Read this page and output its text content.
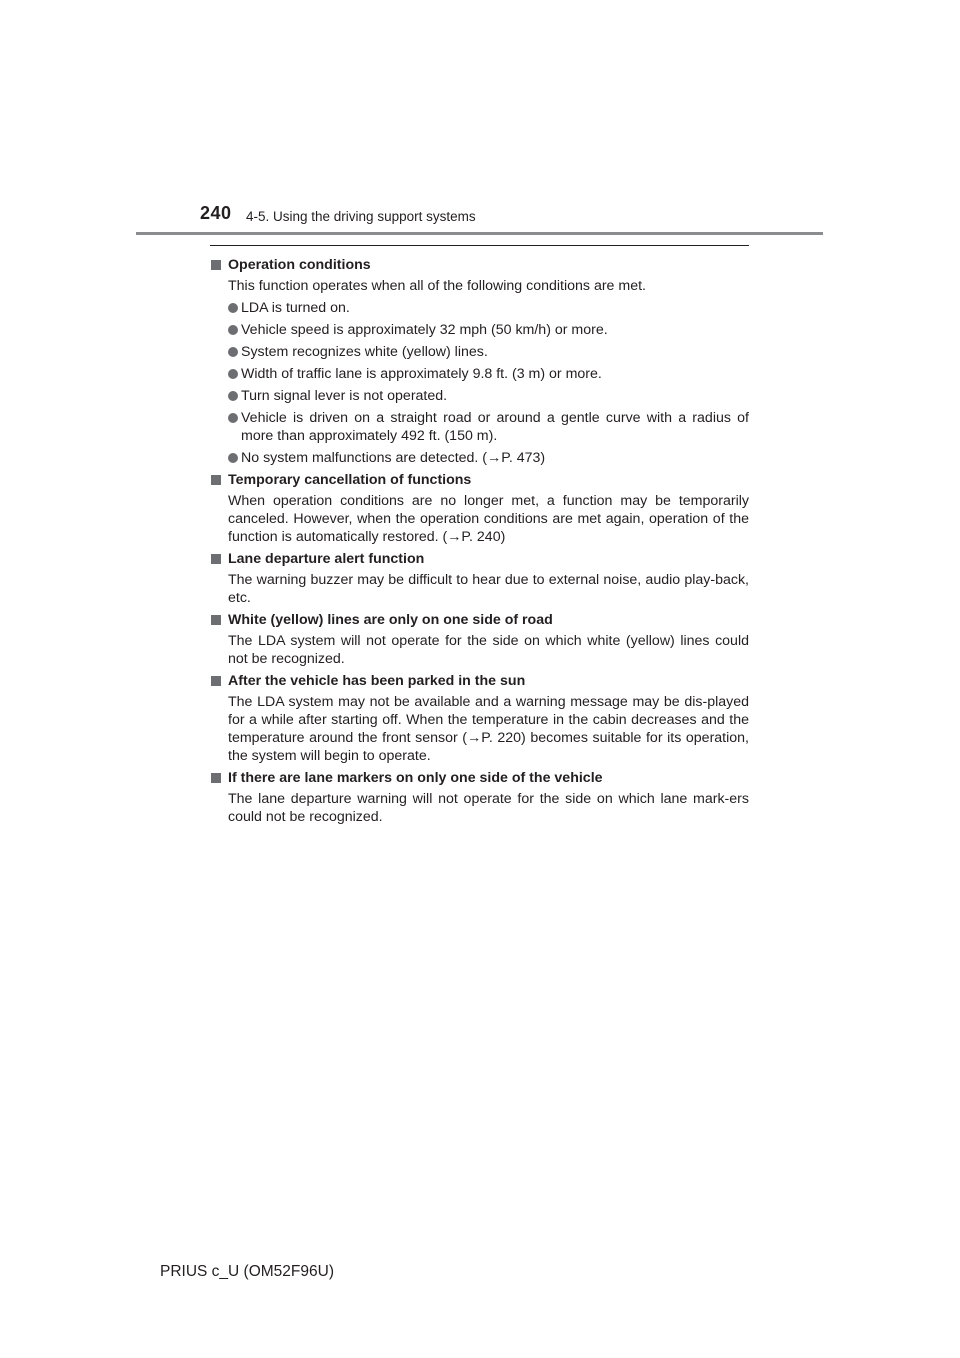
240 4-5. Using the driving support systems
Operation conditions
This function operates when all of the following conditions are met.
LDA is turned on.
Vehicle speed is approximately 32 mph (50 km/h) or more.
System recognizes white (yellow) lines.
Width of traffic lane is approximately 9.8 ft. (3 m) or more.
Turn signal lever is not operated.
Vehicle is driven on a straight road or around a gentle curve with a radius of more than approximately 492 ft. (150 m).
No system malfunctions are detected. (→P. 473)
Temporary cancellation of functions
When operation conditions are no longer met, a function may be temporarily canceled. However, when the operation conditions are met again, operation of the function is automatically restored. (→P. 240)
Lane departure alert function
The warning buzzer may be difficult to hear due to external noise, audio play-back, etc.
White (yellow) lines are only on one side of road
The LDA system will not operate for the side on which white (yellow) lines could not be recognized.
After the vehicle has been parked in the sun
The LDA system may not be available and a warning message may be dis-played for a while after starting off. When the temperature in the cabin decreases and the temperature around the front sensor (→P. 220) becomes suitable for its operation, the system will begin to operate.
If there are lane markers on only one side of the vehicle
The lane departure warning will not operate for the side on which lane mark-ers could not be recognized.
PRIUS c_U (OM52F96U)
